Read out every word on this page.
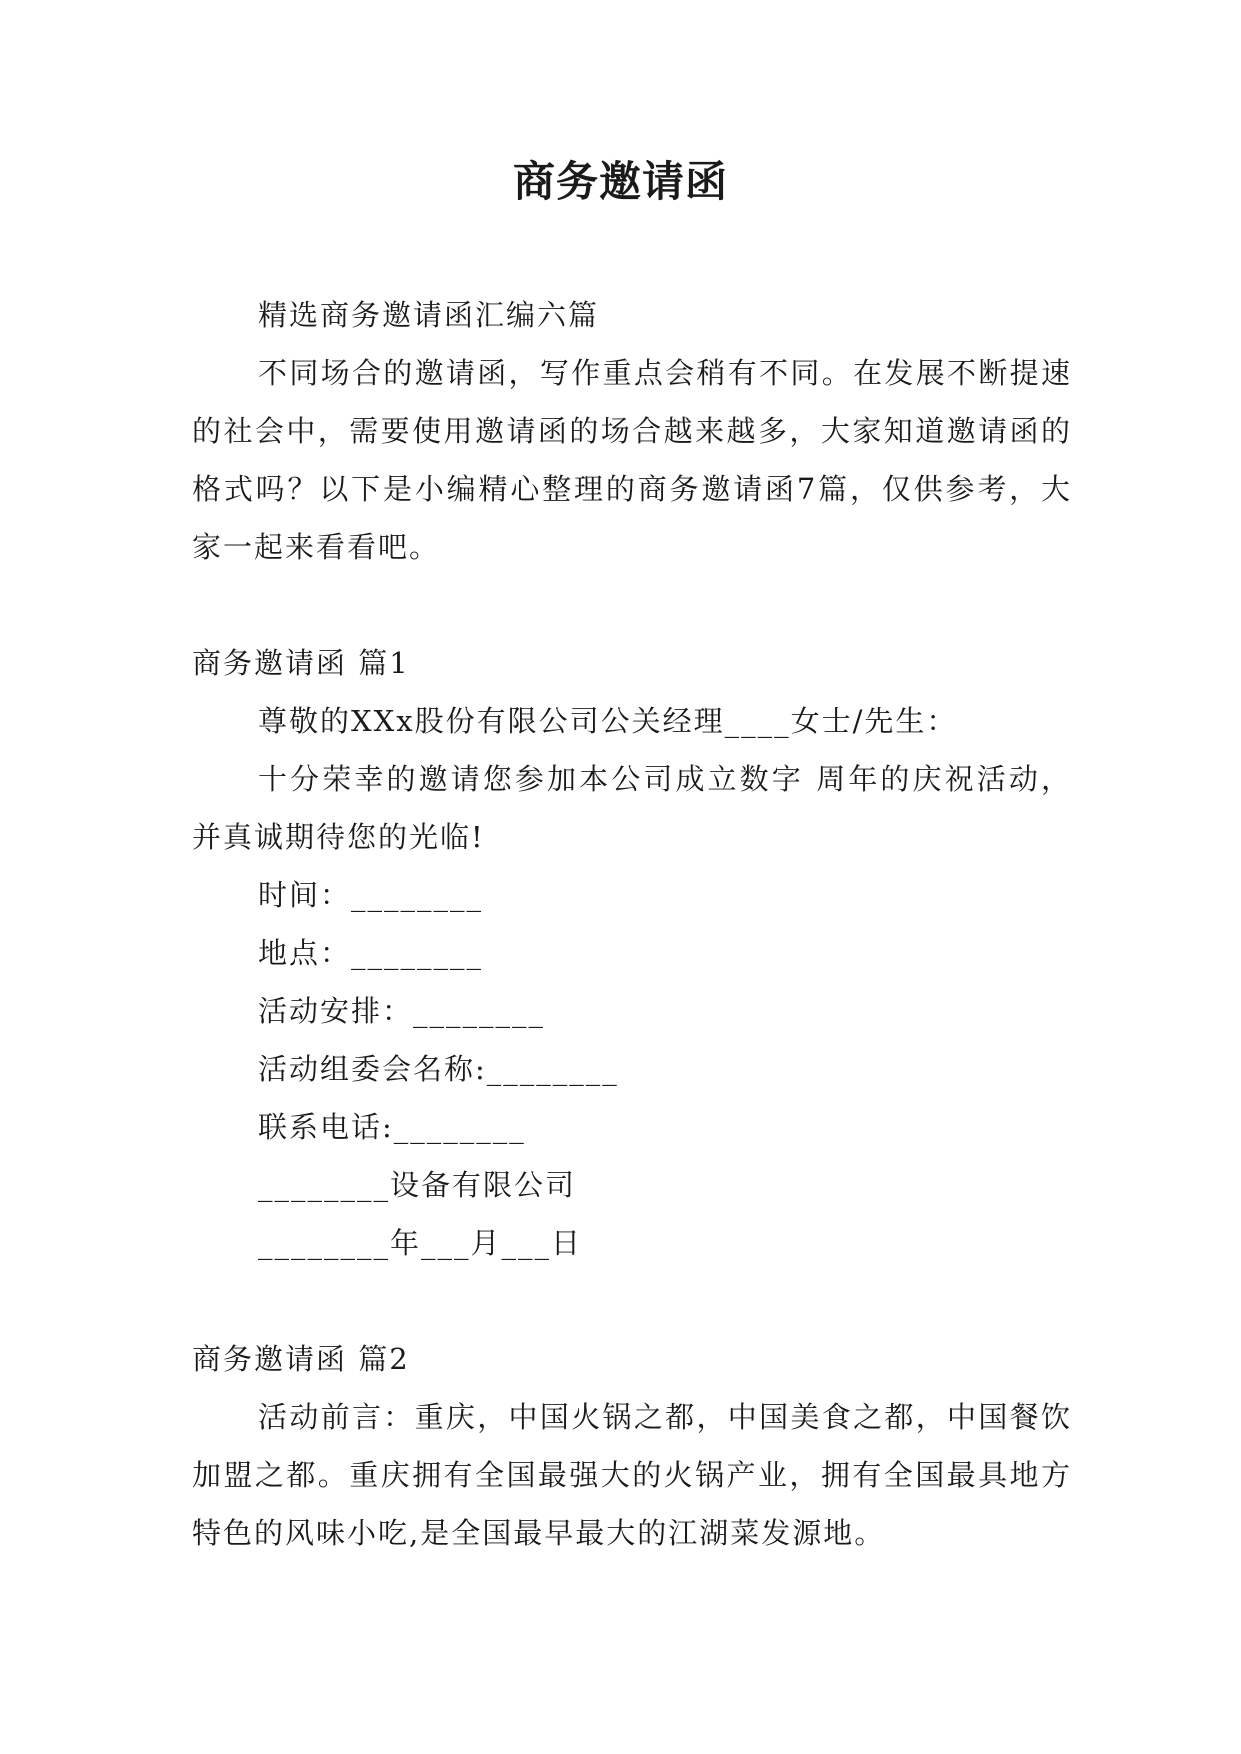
商务邀请函

精选商务邀请函汇编六篇

不同场合的邀请函，写作重点会稍有不同。在发展不断提速的社会中，需要使用邀请函的场合越来越多，大家知道邀请函的格式吗？以下是小编精心整理的商务邀请函7篇，仅供参考，大家一起来看看吧。

商务邀请函 篇1

尊敬的XXx股份有限公司公关经理____女士/先生：

十分荣幸的邀请您参加本公司成立数字 周年的庆祝活动，并真诚期待您的光临!

时间：________

地点：________

活动安排：________

活动组委会名称:________

联系电话:________

________设备有限公司

________年___月___日

商务邀请函 篇2

活动前言：重庆，中国火锅之都，中国美食之都，中国餐饮加盟之都。重庆拥有全国最强大的火锅产业，拥有全国最具地方特色的风味小吃,是全国最早最大的江湖菜发源地。
